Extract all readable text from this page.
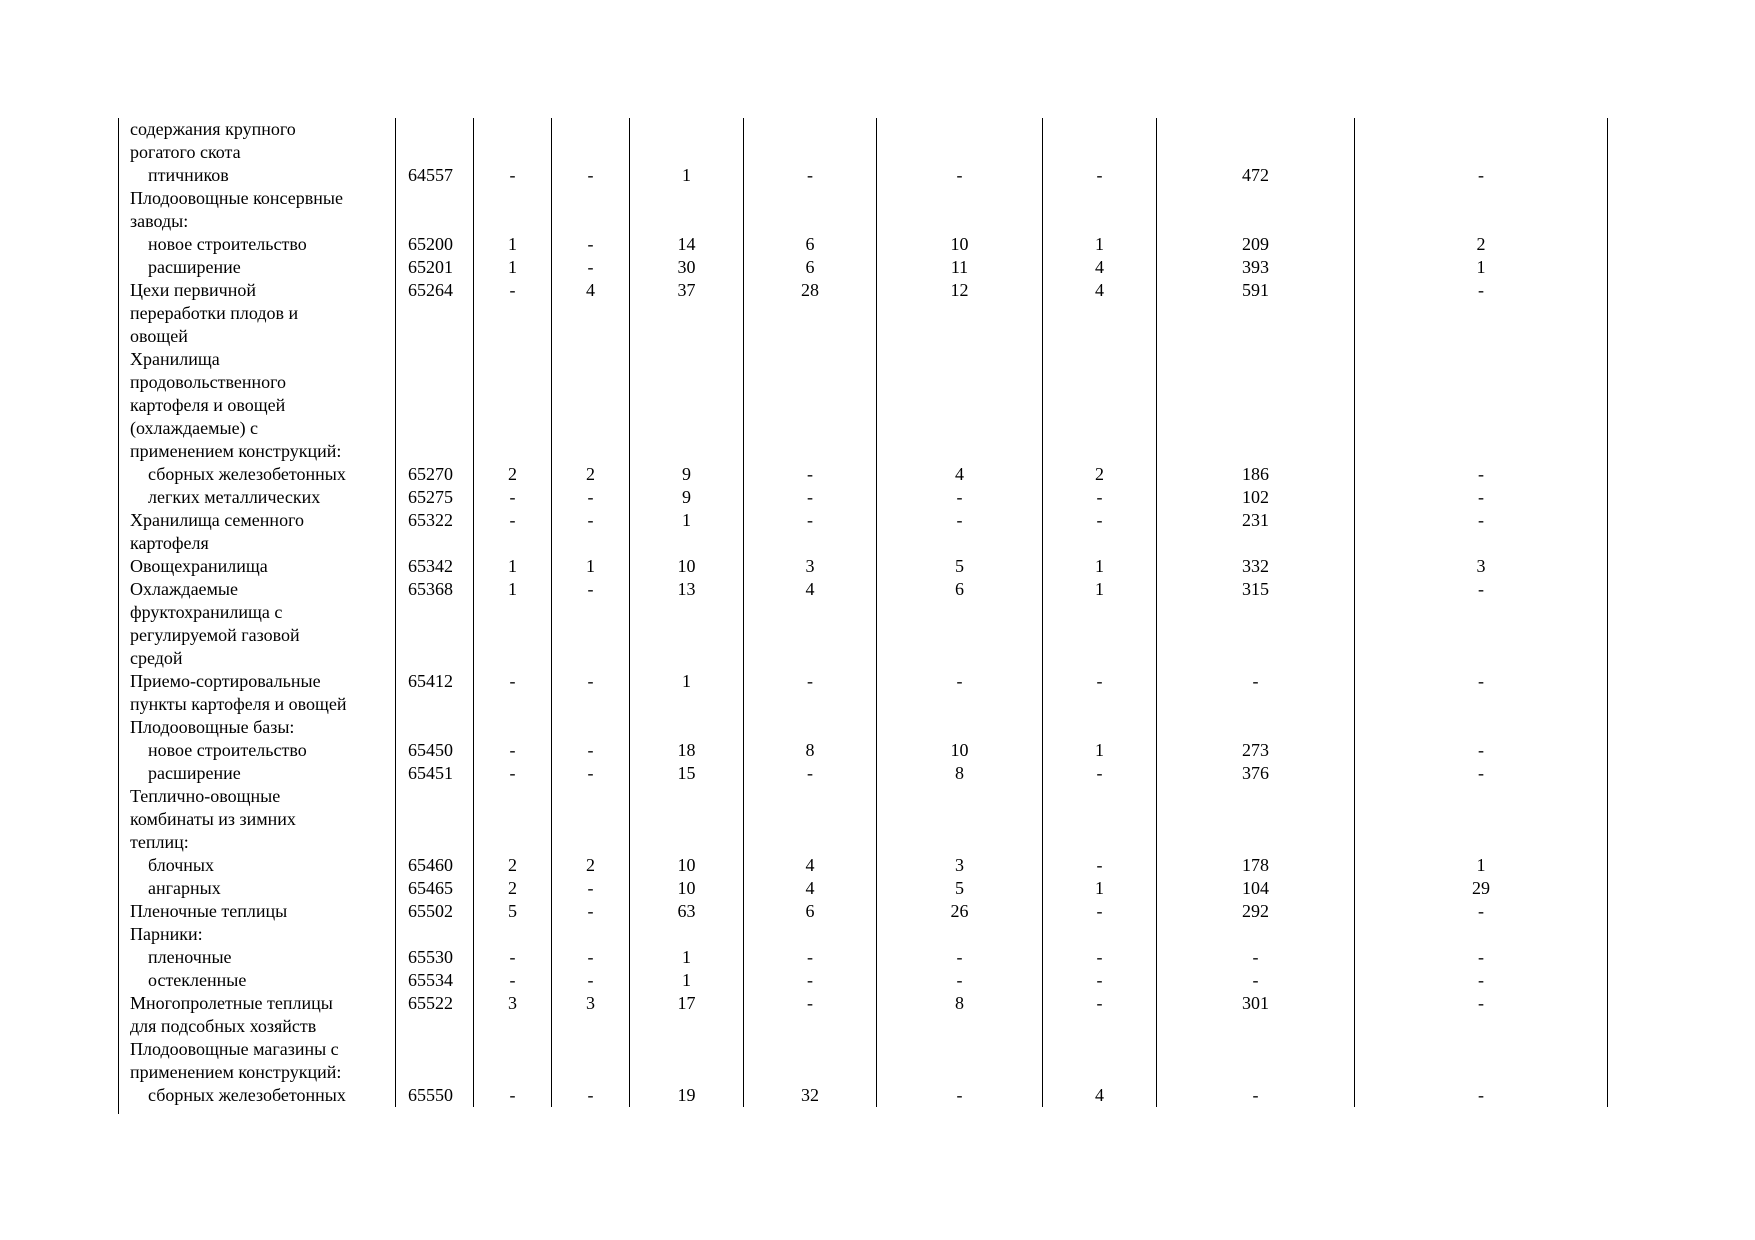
содержания крупного
рогатого скота
птичников	64557	-	-	1	-	-	-	472	-
Плодоовощные консервные
заводы:
новое строительство	65200	1	-	14	6	10	1	209	2
расширение	65201	1	-	30	6	11	4	393	1
Цехи первичной	65264	-	4	37	28	12	4	591	-
переработки плодов и
овощей
Хранилища
продовольственного
картофеля и овощей
(охлаждаемые) с
применением конструкций:
сборных железобетонных	65270	2	2	9	-	4	2	186	-
легких металлических	65275	-	-	9	-	-	-	102	-
Хранилища семенного	65322	-	-	1	-	-	-	231	-
картофеля
Овощехранилища	65342	1	1	10	3	5	1	332	3
Охлаждаемые	65368	1	-	13	4	6	1	315	-
фруктохранилища с
регулируемой газовой
средой
Приемо-сортировальные	65412	-	-	1	-	-	-	-	-
пункты картофеля и овощей
Плодоовощные базы:
новое строительство	65450	-	-	18	8	10	1	273	-
расширение	65451	-	-	15	-	8	-	376	-
Теплично-овощные
комбинаты из зимних
теплиц:
блочных	65460	2	2	10	4	3	-	178	1
ангарных	65465	2	-	10	4	5	1	104	29
Пленочные теплицы	65502	5	-	63	6	26	-	292	-
Парники:
пленочные	65530	-	-	1	-	-	-	-	-
остекленные	65534	-	-	1	-	-	-	-	-
Многопролетные теплицы	65522	3	3	17	-	8	-	301	-
для подсобных хозяйств
Плодоовощные магазины с
применением конструкций:
сборных железобетонных	65550	-	-	19	32	-	4	-	-
